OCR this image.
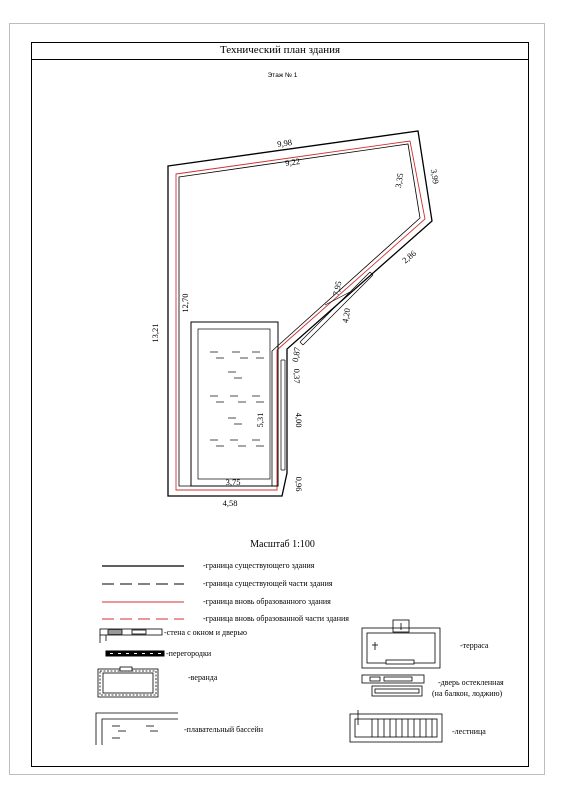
Технический план здания
Этаж № 1
9,98
9,22
3,99
3,35
2,86
7,95
4,20
13,21
12,70
5,31
3,75
4,58
0,87
0,37
4,00
0,96
Масштаб 1:100
-граница существующего здания
-граница существующей части здания
-граница вновь образованного здания
-граница вновь образованной части здания
-стена с окном и дверью
-перегородки
-веранда
-плавательный бассейн
-терраса
-дверь остекленная
(на балкон, лоджию)
-лестница
